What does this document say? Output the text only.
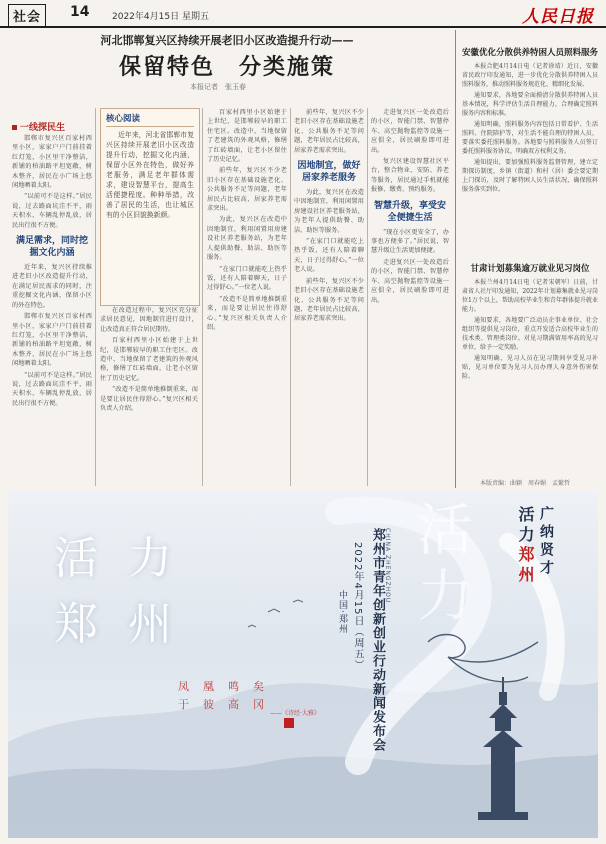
社会	14	2022年4月15日 星期五	人民日报
河北邯郸复兴区持续开展老旧小区改造提升行动——
保留特色　分类施策
本报记者　张玉春
一线探民生

邯郸市复兴区百家村西里小区，家家户户门前挂着红灯笼，小区里干净整洁，新铺的柏油路平坦宽敞，树木整齐，居民在小广场上悠闲地晒着太阳。

“以前可不是这样。”居民说，过去路面坑洼不平，雨天积水，车辆乱停乱放，居民出行很不方便。

满足需求，同时挖掘文化内涵

近年来，复兴区持续推进老旧小区改造提升行动，在满足居民需求的同时，注重挖掘文化内涵，保留小区的外在特色。

邯郸市复兴区百家村西里小区，家家户户门前挂着红灯笼，小区里干净整洁，新铺的柏油路平坦宽敞，树木整齐，居民在小广场上悠闲地晒着太阳。

“以前可不是这样。”居民说，过去路面坑洼不平，雨天积水，车辆乱停乱放，居民出行很不方便。

核心阅读
近年来，河北省邯郸市复兴区持续开展老旧小区改造提升行动，挖掘文化内涵，保留小区外在特色，做好养老服务，满足老年群体需求，建设智慧平台，提高生活便捷程度。种种举措，改善了居民的生活，也让城区有的小区旧貌换新颜。

在改造过程中，复兴区充分征求居民意见，因地制宜进行设计，让改造真正符合居民期待。

百家村西里小区始建于上世纪，是邯郸较早的职工住宅区。改造中，当地保留了老建筑的外观风格，修缮了红砖墙面，让老小区留住了历史记忆。

“改造不是简单地推倒重来，而是要让居民住得舒心。”复兴区相关负责人介绍。

百家村西里小区始建于上世纪，是邯郸较早的职工住宅区。改造中，当地保留了老建筑的外观风格，修缮了红砖墙面，让老小区留住了历史记忆。

前些年，复兴区不少老旧小区存在基础设施老化、公共服务不足等问题，老年居民占比较高，居家养老需求突出。

为此，复兴区在改造中因地制宜，利用闲置用房建设社区养老服务站，为老年人提供助餐、助洁、助医等服务。

“在家门口就能吃上热乎饭，还有人陪着聊天，日子过得舒心。”一位老人说。

“改造不是简单地推倒重来，而是要让居民住得舒心。”复兴区相关负责人介绍。

前些年，复兴区不少老旧小区存在基础设施老化、公共服务不足等问题，老年居民占比较高，居家养老需求突出。

因地制宜，做好居家养老服务

为此，复兴区在改造中因地制宜，利用闲置用房建设社区养老服务站，为老年人提供助餐、助洁、助医等服务。

“在家门口就能吃上热乎饭，还有人陪着聊天，日子过得舒心。”一位老人说。

前些年，复兴区不少老旧小区存在基础设施老化、公共服务不足等问题，老年居民占比较高，居家养老需求突出。

走进复兴区一处改造后的小区，智能门禁、智慧停车、高空抛物监控等设施一应俱全，居民刷脸即可进出。

复兴区建设智慧社区平台，整合物业、安防、养老等服务，居民通过手机就能报修、缴费、预约服务。

智慧升级，享受安全便捷生活

“现在小区更安全了，办事也方便多了。”居民说，智慧升级让生活更加便捷。

走进复兴区一处改造后的小区，智能门禁、智慧停车、高空抛物监控等设施一应俱全，居民刷脸即可进出。

安徽优化分散供养特困人员照料服务

本报合肥4月14日电（记者徐靖）近日，安徽省民政厅印发通知，进一步优化分散供养特困人员照料服务，推动照料服务规范化、精细化发展。

通知要求，各地要全面摸清分散供养特困人员基本情况，科学评估生活自理能力，合理确定照料服务内容和标准。

通知明确，照料服务内容包括日常看护、生活照料、住院陪护等，对生活不能自理的特困人员，要落实委托照料服务。各地要与照料服务人员签订委托照料服务协议，明确双方权利义务。

通知提出，要加强照料服务监督管理，建立定期探访制度，乡镇（街道）和村（居）委会要定期上门探访，及时了解特困人员生活状况，确保照料服务落实到位。

甘肃计划募集逾万就业见习岗位

本报兰州4月14日电（记者宋朝军）日前，甘肃省人社厅印发通知，2022年计划募集就业见习岗位1万个以上，帮助高校毕业生和青年群体提升就业能力。

通知要求，各地要广泛动员企事业单位、社会组织等提供见习岗位，重点开发适合高校毕业生的技术类、管理类岗位。对见习期满留用率高的见习单位，给予一定奖励。

通知明确，见习人员在见习期间享受见习补贴，见习单位要为见习人员办理人身意外伤害保险。

本版责编：曲颖　周春媚　孟繁哲
活力
活力
郑州
CHINA ZHENGZHOU
郑州市青年创新创业行动新闻发布会
2022年4月15日（周五）
中国·郑州
广纳贤才
活力郑州
凤凰鸣矣
于彼高冈
——《诗经·大雅》
